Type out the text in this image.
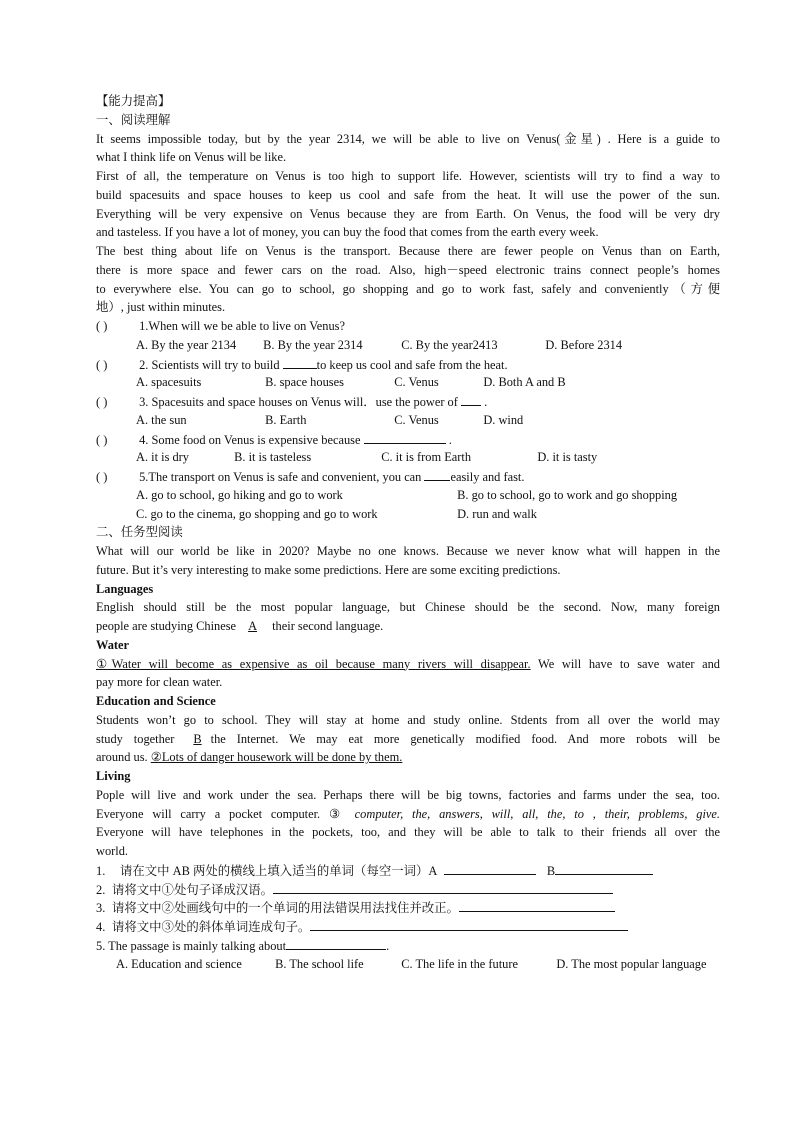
【能力提高】
一、阅读理解
It seems impossible today, but by the year 2314, we will be able to live on Venus(金星) . Here is a guide to
what I think life on Venus will be like.
First of all, the temperature on Venus is too high to support life. However, scientists will try to find a way to
build spacesuits and space houses to keep us cool and safe from the heat. It will use the power of the sun.
Everything will be very expensive on Venus because they are from Earth. On Venus, the food will be very dry
and tasteless. If you have a lot of money, you can buy the food that comes from the earth every week.
The best thing about life on Venus is the transport. Because there are fewer people on Venus than on Earth,
there is more space and fewer cars on the road. Also, high－speed electronic trains connect people’s homes
to everywhere else. You can go to school, go shopping and go to work fast, safely and conveniently（方便
地）, just within minutes.
( )	1.When will we be able to live on Venus?
A. By the year 2134 B. By the year 2314	C. By the year2413	D. Before 2314
( )	2. Scientists will try to build	to keep us cool and safe from the heat.
A. spacesuits	B. space houses	C. Venus	D. Both A and B
( )	3. Spacesuits and space houses on Venus will．use the power of  .
A. the sun	B. Earth	C. Venus	D. wind
( )	4. Some food on Venus is expensive because	.
A. it is dry	B. it is tasteless	C. it is from Earth	D. it is tasty
( )	5.The transport on Venus is safe and convenient, you can easily and fast.
A. go to school, go hiking and go to work	B. go to school, go to work and go shopping
C. go to the cinema, go shopping and go to work	D. run and walk
二、任务型阅读
What will our world be like in 2020? Maybe no one knows. Because we never know what will happen in the
future. But it’s very interesting to make some predictions. Here are some exciting predictions.
Languages
English should still be the most popular language, but Chinese should be the second. Now, many foreign
people are studying Chinese A their second language.
Water
①Water will become as expensive as oil because many rivers will disappear. We will have to save water and
pay more for clean water.
Education and Science
Students won’t go to school. They will stay at home and study online. Stdents from all over the world may
study together B the Internet. We may eat more genetically modified food. And more robots will be
around us. ②Lots of danger housework will be done by them.
Living
Pople will live and work under the sea. Perhaps there will be big towns, factories and farms under the sea, too.
Everyone will carry a pocket computer. ③ computer, the, answers, will, all, the, to , their, problems, give.
Everyone will have telephones in the pockets, too, and they will be able to talk to their friends all over the
world.
1. 请在文中 AB 两处的横线上填入适当的单词（每空一词）A	B
2. 请将文中①处句子译成汉语。
3. 请将文中②处画线句中的一个单词的用法错误用法找住并改正。
4. 请将文中③处的斜体单词连成句子。
5. The passage is mainly talking about	.
A. Education and science	B. The school life	C. The life in the future	D. The most popular language
